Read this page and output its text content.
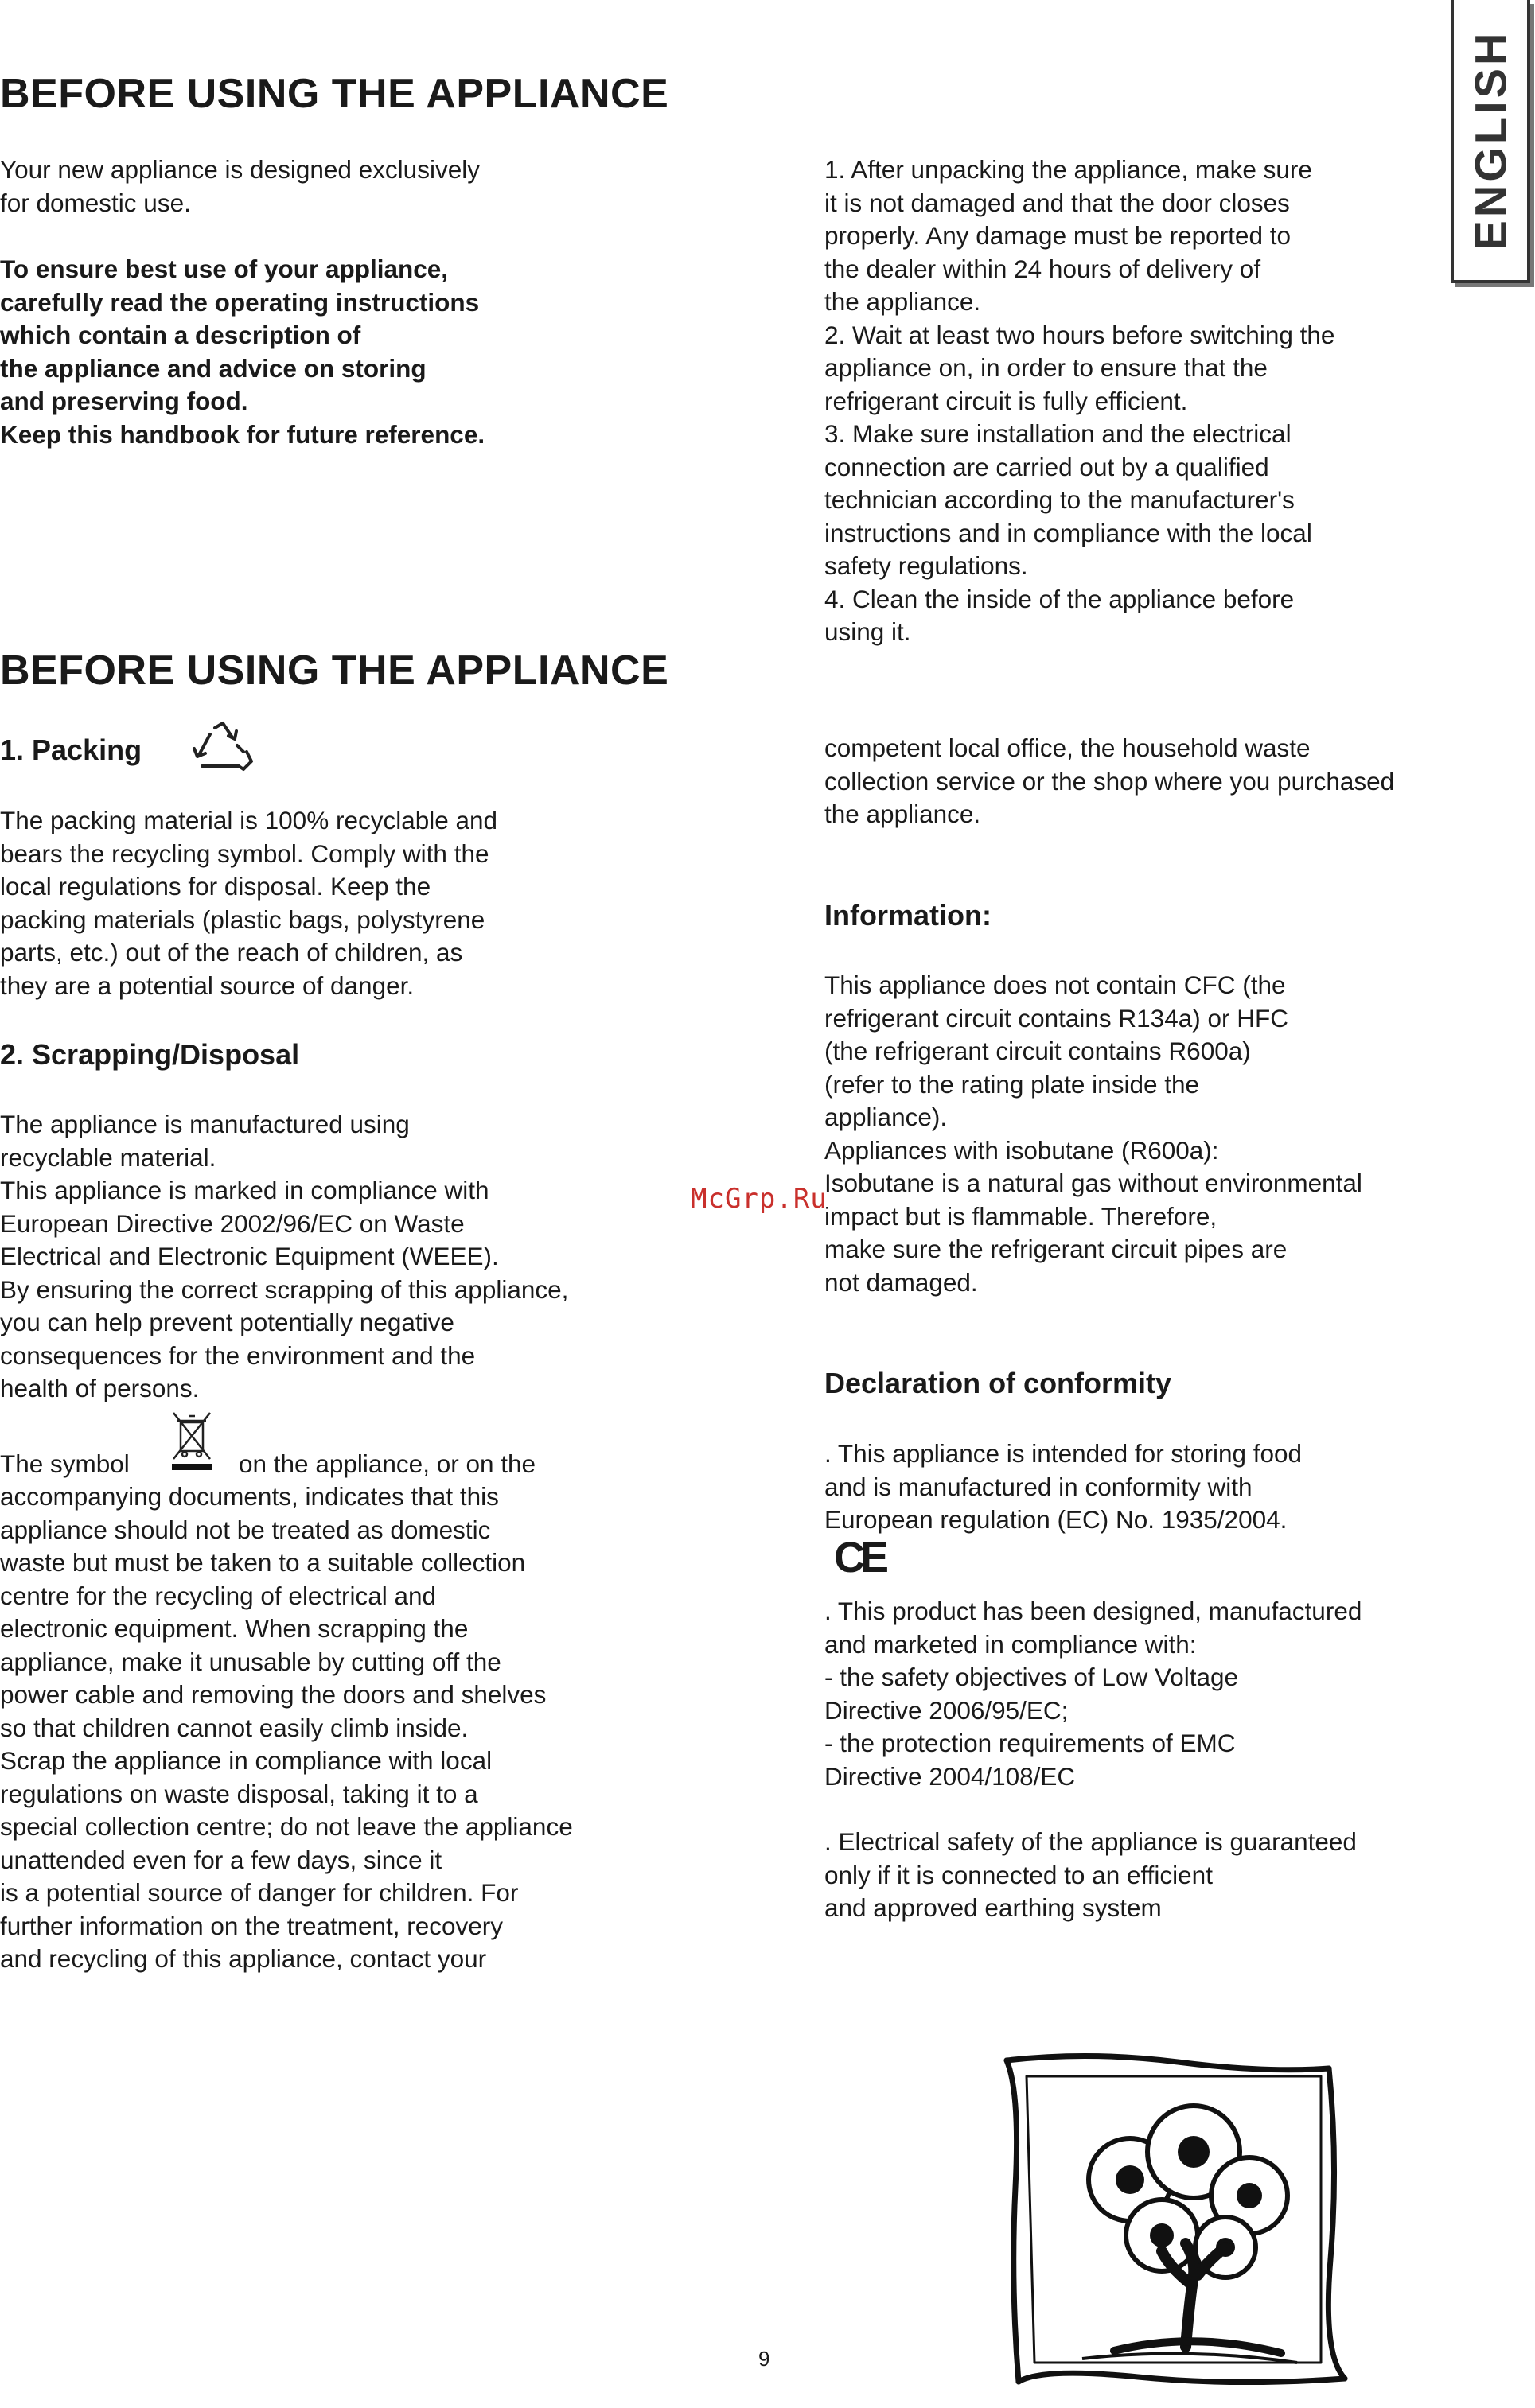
ENGLISH
BEFORE USING THE APPLIANCE
Your new appliance is designed exclusively
for domestic use.
To ensure best use of your appliance,
carefully read the operating instructions
which contain a description of
the appliance and advice on storing
and preserving food.
Keep this handbook for future reference.
1. After unpacking the appliance, make sure
it is not damaged and that the door closes
properly. Any damage must be reported to
the dealer within 24 hours of delivery of
the appliance.
2. Wait at least two hours before switching the
appliance on, in order to ensure that the
refrigerant circuit is fully efficient.
3. Make sure installation and the electrical
connection are carried out by a qualified
technician according to the manufacturer's
instructions and in compliance with the local
safety regulations.
4. Clean the inside of the appliance before
using it.
BEFORE USING THE APPLIANCE
1. Packing
The packing material is 100% recyclable and
bears the recycling symbol. Comply with the
local regulations for disposal. Keep the
packing materials (plastic bags, polystyrene
parts, etc.) out of the reach of children, as
they are a potential source of danger.
2. Scrapping/Disposal
The appliance is manufactured using
recyclable material.
This appliance is marked in compliance with
European Directive 2002/96/EC on Waste
Electrical and Electronic Equipment (WEEE).
By ensuring the correct scrapping of this appliance,
you can help prevent potentially negative
consequences for the environment and the
health of persons.
The symbol	on the appliance, or on the
accompanying documents, indicates that this
appliance should not be treated as domestic
waste but must be taken to a suitable collection
centre for the recycling of electrical and
electronic equipment. When scrapping the
appliance, make it unusable by cutting off the
power cable and removing the doors and shelves
so that children cannot easily climb inside.
Scrap the appliance in compliance with local
regulations on waste disposal, taking it to a
special collection centre; do not leave the appliance
unattended even for a few days, since it
is a potential source of danger for children. For
further information on the treatment, recovery
and recycling of this appliance, contact your
competent local office, the household waste
collection service or the shop where you purchased
the appliance.
Information:
This appliance does not contain CFC (the
refrigerant circuit contains R134a) or HFC
(the refrigerant circuit contains R600a)
(refer to the rating plate inside the
appliance).
Appliances with isobutane (R600a):
Isobutane is a natural gas without environmental
impact but is flammable. Therefore,
make sure the refrigerant circuit pipes are
not damaged.
Declaration of conformity
. This appliance is intended for storing food
and is manufactured in conformity with
European regulation (EC) No. 1935/2004.
CE
. This product has been designed, manufactured
and marketed in compliance with:
- the safety objectives of Low Voltage
Directive 2006/95/EC;
- the protection requirements of EMC
Directive 2004/108/EC
. Electrical safety of the appliance is guaranteed
only if it is connected to an efficient
and approved earthing system
McGrp.Ru
9
